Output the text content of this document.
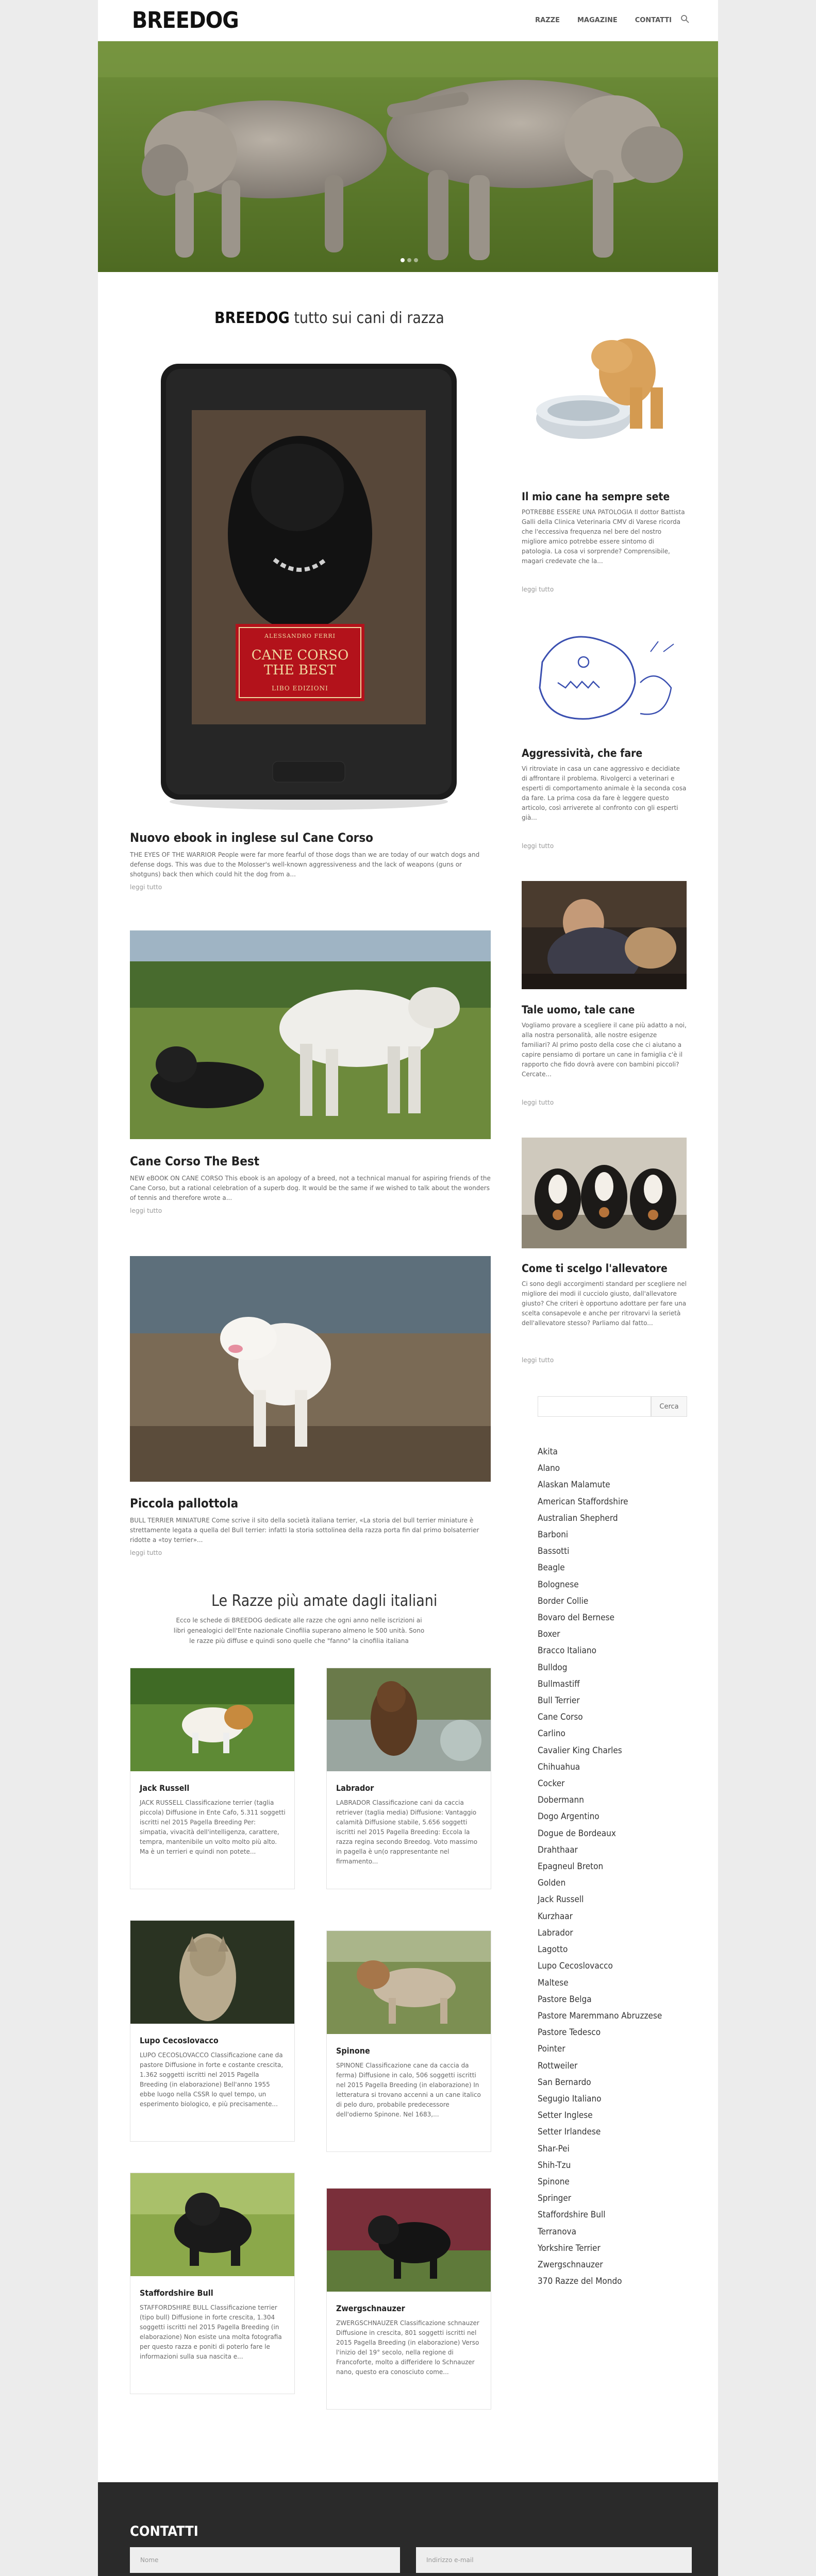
BREEDOG	RAZZE	MAGAZINE	CONTATTI
BREEDOG tutto sui cani di razza
ALESSANDRO FERRI
CANE CORSO
THE BEST
LIBO EDIZIONI
Nuovo ebook in inglese sul Cane Corso
THE EYES OF THE WARRIOR People were far more fearful of those dogs than we are today of our watch dogs and defense dogs. This was due to the Molosser's well-known aggressiveness and the lack of weapons (guns or shotguns) back then which could hit the dog from a...
leggi tutto
Cane Corso The Best
NEW eBOOK ON CANE CORSO This ebook is an apology of a breed, not a technical manual for aspiring friends of the Cane Corso, but a rational celebration of a superb dog. It would be the same if we wished to talk about the wonders of tennis and therefore wrote a...
leggi tutto
Piccola pallottola
BULL TERRIER MINIATURE Come scrive il sito della società italiana terrier, «La storia del bull terrier miniature è strettamente legata a quella del Bull terrier: infatti la storia sottolinea della razza porta fin dal primo bolsaterrier ridotte a «toy terrier»...
leggi tutto
Il mio cane ha sempre sete
POTREBBE ESSERE UNA PATOLOGIA Il dottor Battista Galli della Clinica Veterinaria CMV di Varese ricorda che l'eccessiva frequenza nel bere del nostro migliore amico potrebbe essere sintomo di patologia. La cosa vi sorprende? Comprensibile, magari credevate che la...
leggi tutto
Aggressività, che fare
Vi ritroviate in casa un cane aggressivo e decidiate di affrontare il problema. Rivolgerci a veterinari e esperti di comportamento animale è la seconda cosa da fare. La prima cosa da fare è leggere questo articolo, così arriverete al confronto con gli esperti già...
leggi tutto
Tale uomo, tale cane
Vogliamo provare a scegliere il cane più adatto a noi, alla nostra personalità, alle nostre esigenze familiari? Al primo posto della cose che ci aiutano a capire pensiamo di portare un cane in famiglia c'è il rapporto che fido dovrà avere con bambini piccoli? Cercate...
leggi tutto
Come ti scelgo l'allevatore
Ci sono degli accorgimenti standard per scegliere nel migliore dei modi il cucciolo giusto, dall'allevatore giusto? Che criteri è opportuno adottare per fare una scelta consapevole e anche per ritrovarvi la serietà dell'allevatore stesso? Parliamo dal fatto...
leggi tutto
Cerca
Akita
Alano
Alaskan Malamute
American Staffordshire
Australian Shepherd
Barboni
Bassotti
Beagle
Bolognese
Border Collie
Bovaro del Bernese
Boxer
Bracco Italiano
Bulldog
Bullmastiff
Bull Terrier
Cane Corso
Carlino
Cavalier King Charles
Chihuahua
Cocker
Dobermann
Dogo Argentino
Dogue de Bordeaux
Drahthaar
Epagneul Breton
Golden
Jack Russell
Kurzhaar
Labrador
Lagotto
Lupo Cecoslovacco
Maltese
Pastore Belga
Pastore Maremmano Abruzzese
Pastore Tedesco
Pointer
Rottweiler
San Bernardo
Segugio Italiano
Setter Inglese
Setter Irlandese
Shar-Pei
Shih-Tzu
Spinone
Springer
Staffordshire Bull
Terranova
Yorkshire Terrier
Zwergschnauzer
370 Razze del Mondo
Le Razze più amate dagli italiani
Ecco le schede di BREEDOG dedicate alle razze che ogni anno nelle iscrizioni ai libri genealogici dell'Ente nazionale Cinofilia superano almeno le 500 unità. Sono le razze più diffuse e quindi sono quelle che "fanno" la cinofilia italiana
Jack Russell
JACK RUSSELL Classificazione terrier (taglia piccola) Diffusione in Ente Cafo, 5.311 soggetti iscritti nel 2015 Pagella Breeding Per: simpatia, vivacità dell'intelligenza, carattere, tempra, mantenibile un volto molto più alto. Ma è un terrieri e quindi non potete...
Labrador
LABRADOR Classificazione cani da caccia retriever (taglia media) Diffusione: Vantaggio calamità Diffusione stabile, 5.656 soggetti iscritti nel 2015 Pagella Breeding: Eccola la razza regina secondo Breedog. Voto massimo in pagella è un(o rappresentante nel firmamento...
Lupo Cecoslovacco
LUPO CECOSLOVACCO Classificazione cane da pastore Diffusione in forte e costante crescita, 1.362 soggetti iscritti nel 2015 Pagella Breeding (in elaborazione) Bell'anno 1955 ebbe luogo nella CSSR lo quel tempo, un esperimento biologico, e più precisamente...
Spinone
SPINONE Classificazione cane da caccia da ferma) Diffusione in calo, 506 soggetti iscritti nel 2015 Pagella Breeding (in elaborazione) In letteratura si trovano accenni a un cane italico di pelo duro, probabile predecessore dell'odierno Spinone. Nel 1683,...
Staffordshire Bull
STAFFORDSHIRE BULL Classificazione terrier (tipo bull) Diffusione in forte crescita, 1.304 soggetti iscritti nel 2015 Pagella Breeding (in elaborazione) Non esiste una molta fotografia per questo razza e poniti di poterlo fare le informazioni sulla sua nascita e...
Zwergschnauzer
ZWERGSCHNAUZER Classificazione schnauzer Diffusione in crescita, 801 soggetti iscritti nel 2015 Pagella Breeding (in elaborazione) Verso l'inizio del 19° secolo, nella regione di Francoforte, molto a differidere lo Schnauzer nano, questo era conosciuto come...
CONTATTI
Nome	Indirizzo e-mail
